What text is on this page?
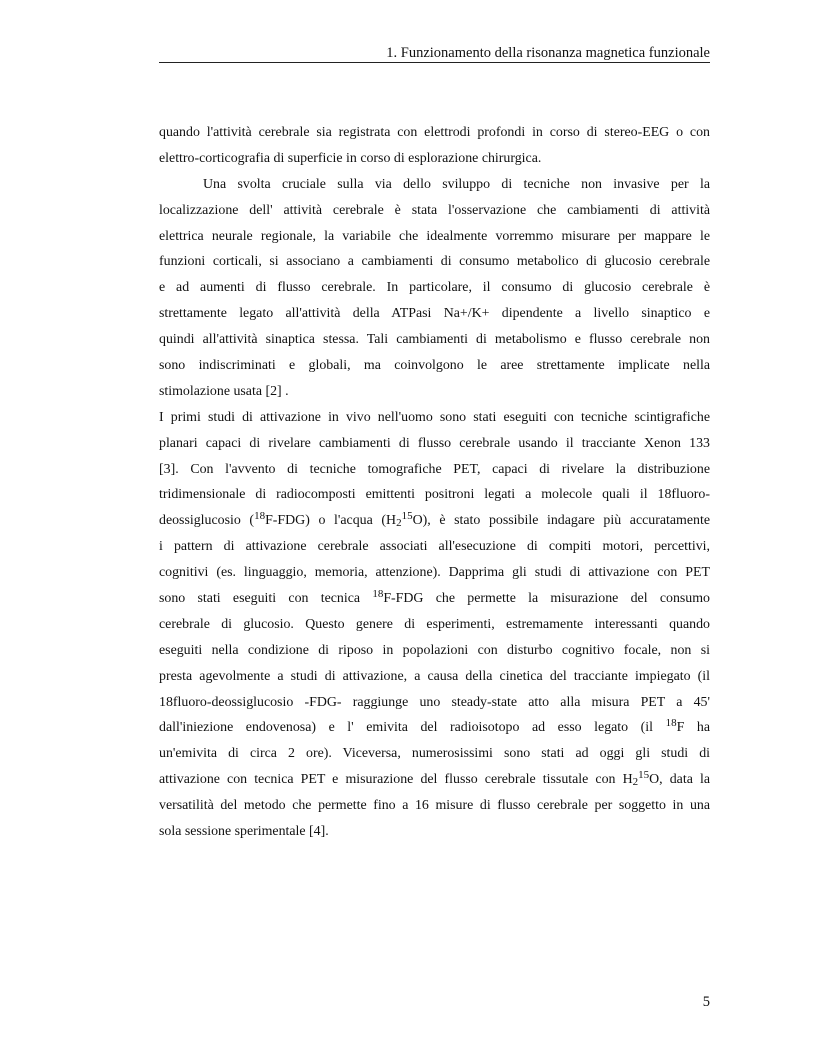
1. Funzionamento della risonanza magnetica funzionale
quando l'attività cerebrale sia registrata con elettrodi profondi in corso di stereo-EEG o con
elettro-corticografia di superficie in corso di esplorazione chirurgica.
Una svolta cruciale sulla via dello sviluppo di tecniche non invasive per la
localizzazione dell' attività cerebrale è stata l'osservazione che cambiamenti di attività
elettrica neurale regionale, la variabile che idealmente vorremmo misurare per mappare le
funzioni corticali, si associano a cambiamenti di consumo metabolico di glucosio cerebrale
e ad aumenti di flusso cerebrale. In particolare, il consumo di glucosio cerebrale è
strettamente legato all'attività della ATPasi Na+/K+ dipendente a livello sinaptico e
quindi all'attività sinaptica stessa. Tali cambiamenti di metabolismo e flusso cerebrale non
sono indiscriminati e globali, ma coinvolgono le aree strettamente implicate nella
stimolazione usata [2] .
I primi studi di attivazione in vivo nell'uomo sono stati eseguiti con tecniche scintigrafiche
planari capaci di rivelare cambiamenti di flusso cerebrale usando il tracciante Xenon 133
[3]. Con l'avvento di tecniche tomografiche PET, capaci di rivelare la distribuzione
tridimensionale di radiocomposti emittenti positroni legati a molecole quali il 18fluoro-
deossiglucosio ($^{18}$F-FDG) o l'acqua $(H_2^{15}O)$, è stato possibile indagare più accuratamente
i pattern di attivazione cerebrale associati all'esecuzione di compiti motori, percettivi,
cognitivi (es. linguaggio, memoria, attenzione). Dapprima gli studi di attivazione con PET
sono stati eseguiti con tecnica $^{18}$F-FDG che permette la misurazione del consumo
cerebrale di glucosio. Questo genere di esperimenti, estremamente interessanti quando
eseguiti nella condizione di riposo in popolazioni con disturbo cognitivo focale, non si
presta agevolmente a studi di attivazione, a causa della cinetica del tracciante impiegato (il
18fluoro-deossiglucosio -FDG- raggiunge uno steady-state atto alla misura PET a 45'
dall'iniezione endovenosa) e l' emivita del radioisotopo ad esso legato (il $^{18}$F ha
un'emivita di circa 2 ore). Viceversa, numerosissimi sono stati ad oggi gli studi di
attivazione con tecnica PET e misurazione del flusso cerebrale tissutale con $H_2^{15}O$, data la
versatilità del metodo che permette fino a 16 misure di flusso cerebrale per soggetto in una
sola sessione sperimentale [4].
5
